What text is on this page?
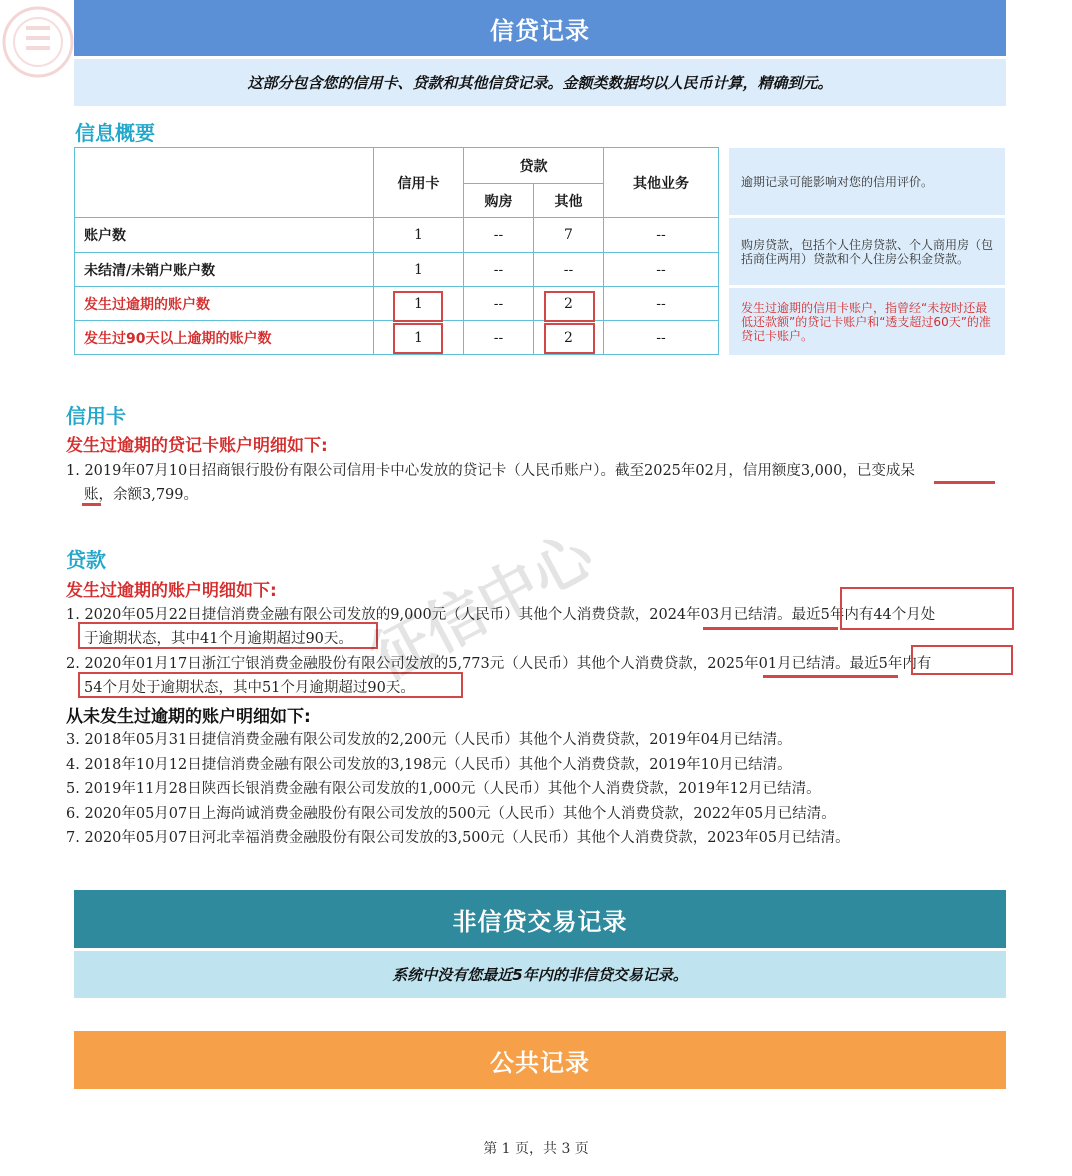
信贷记录
这部分包含您的信用卡、贷款和其他信贷记录。金额类数据均以人民币计算，精确到元。
信息概要
	信用卡	贷款		其他业务
		购房	其他	
账户数	1	--	7	--
未结清/未销户账户数	1	--	--	--
发生过逾期的账户数	1	--	2	--
发生过90天以上逾期的账户数	1	--	2	--
逾期记录可能影响对您的信用评价。
购房贷款，包括个人住房贷款、个人商用房（包括商住两用）贷款和个人住房公积金贷款。
发生过逾期的信用卡账户，指曾经“未按时还最低还款额”的贷记卡账户和“透支超过60天”的准贷记卡账户。
信用卡
发生过逾期的贷记卡账户明细如下:
1. 2019年07月10日招商银行股份有限公司信用卡中心发放的贷记卡（人民币账户）。截至2025年02月，信用额度3,000，已变成呆
账，余额3,799。
贷款
发生过逾期的账户明细如下:
1. 2020年05月22日捷信消费金融有限公司发放的9,000元（人民币）其他个人消费贷款，2024年03月已结清。最近5年内有44个月处
于逾期状态，其中41个月逾期超过90天。
2. 2020年01月17日浙江宁银消费金融股份有限公司发放的5,773元（人民币）其他个人消费贷款，2025年01月已结清。最近5年内有
54个月处于逾期状态，其中51个月逾期超过90天。
从未发生过逾期的账户明细如下:
3. 2018年05月31日捷信消费金融有限公司发放的2,200元（人民币）其他个人消费贷款，2019年04月已结清。
4. 2018年10月12日捷信消费金融有限公司发放的3,198元（人民币）其他个人消费贷款，2019年10月已结清。
5. 2019年11月28日陕西长银消费金融有限公司发放的1,000元（人民币）其他个人消费贷款，2019年12月已结清。
6. 2020年05月07日上海尚诚消费金融股份有限公司发放的500元（人民币）其他个人消费贷款，2022年05月已结清。
7. 2020年05月07日河北幸福消费金融股份有限公司发放的3,500元（人民币）其他个人消费贷款，2023年05月已结清。
征信中心
非信贷交易记录
系统中没有您最近5年内的非信贷交易记录。
公共记录
第 1 页，共 3 页
